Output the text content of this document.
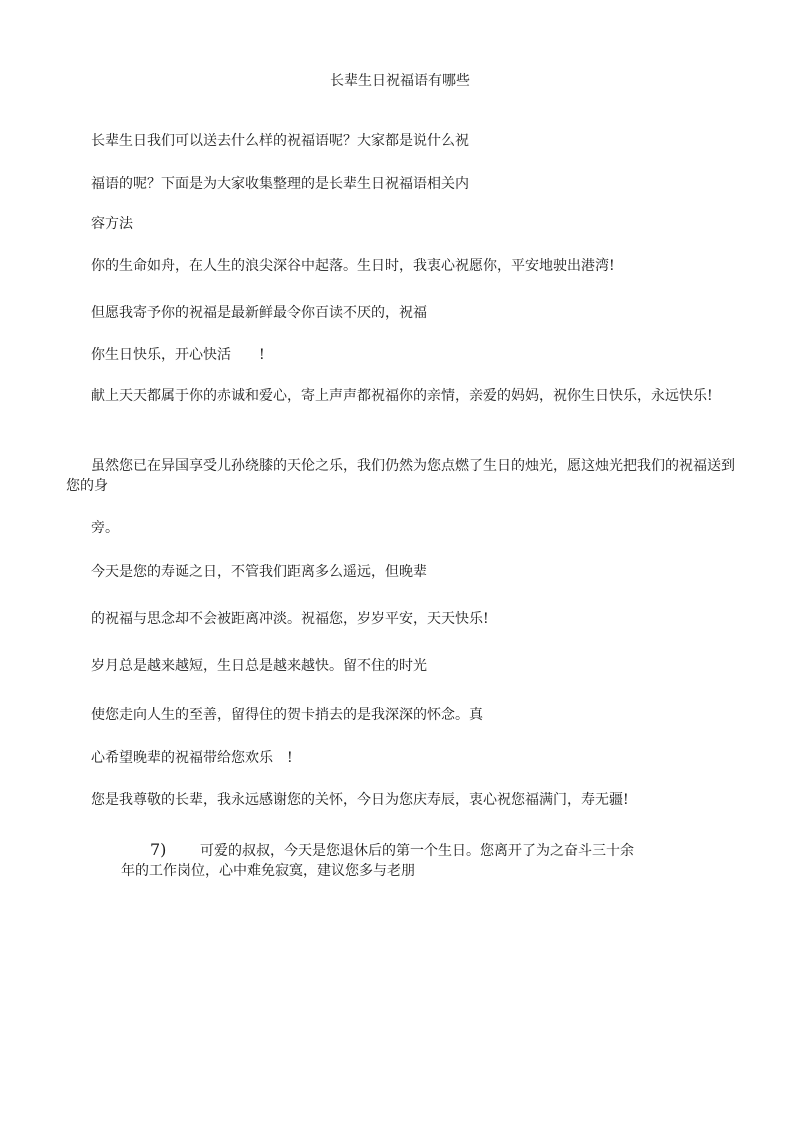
长辈生日祝福语有哪些
长辈生日我们可以送去什么样的祝福语呢？大家都是说什么祝
福语的呢？下面是为大家收集整理的是长辈生日祝福语相关内
容方法
你的生命如舟，在人生的浪尖深谷中起落。生日时，我衷心祝愿你，平安地驶出港湾!
但愿我寄予你的祝福是最新鲜最令你百读不厌的，祝福
你生日快乐，开心快活　　!
献上天天都属于你的赤诚和爱心，寄上声声都祝福你的亲情，亲爱的妈妈，祝你生日快乐，永远快乐!
虽然您已在异国享受儿孙绕膝的天伦之乐，我们仍然为您点燃了生日的烛光，愿这烛光把我们的祝福送到您的身
旁。
今天是您的寿诞之日，不管我们距离多么遥远，但晚辈
的祝福与思念却不会被距离冲淡。祝福您，岁岁平安，天天快乐!
岁月总是越来越短，生日总是越来越快。留不住的时光
使您走向人生的至善，留得住的贺卡捎去的是我深深的怀念。真
心希望晚辈的祝福带给您欢乐　!
您是我尊敬的长辈，我永远感谢您的关怀，今日为您庆寿辰，衷心祝您福满门，寿无疆!
7) 可爱的叔叔，今天是您退休后的第一个生日。您离开了为之奋斗三十余
年的工作岗位，心中难免寂寞，建议您多与老朋
